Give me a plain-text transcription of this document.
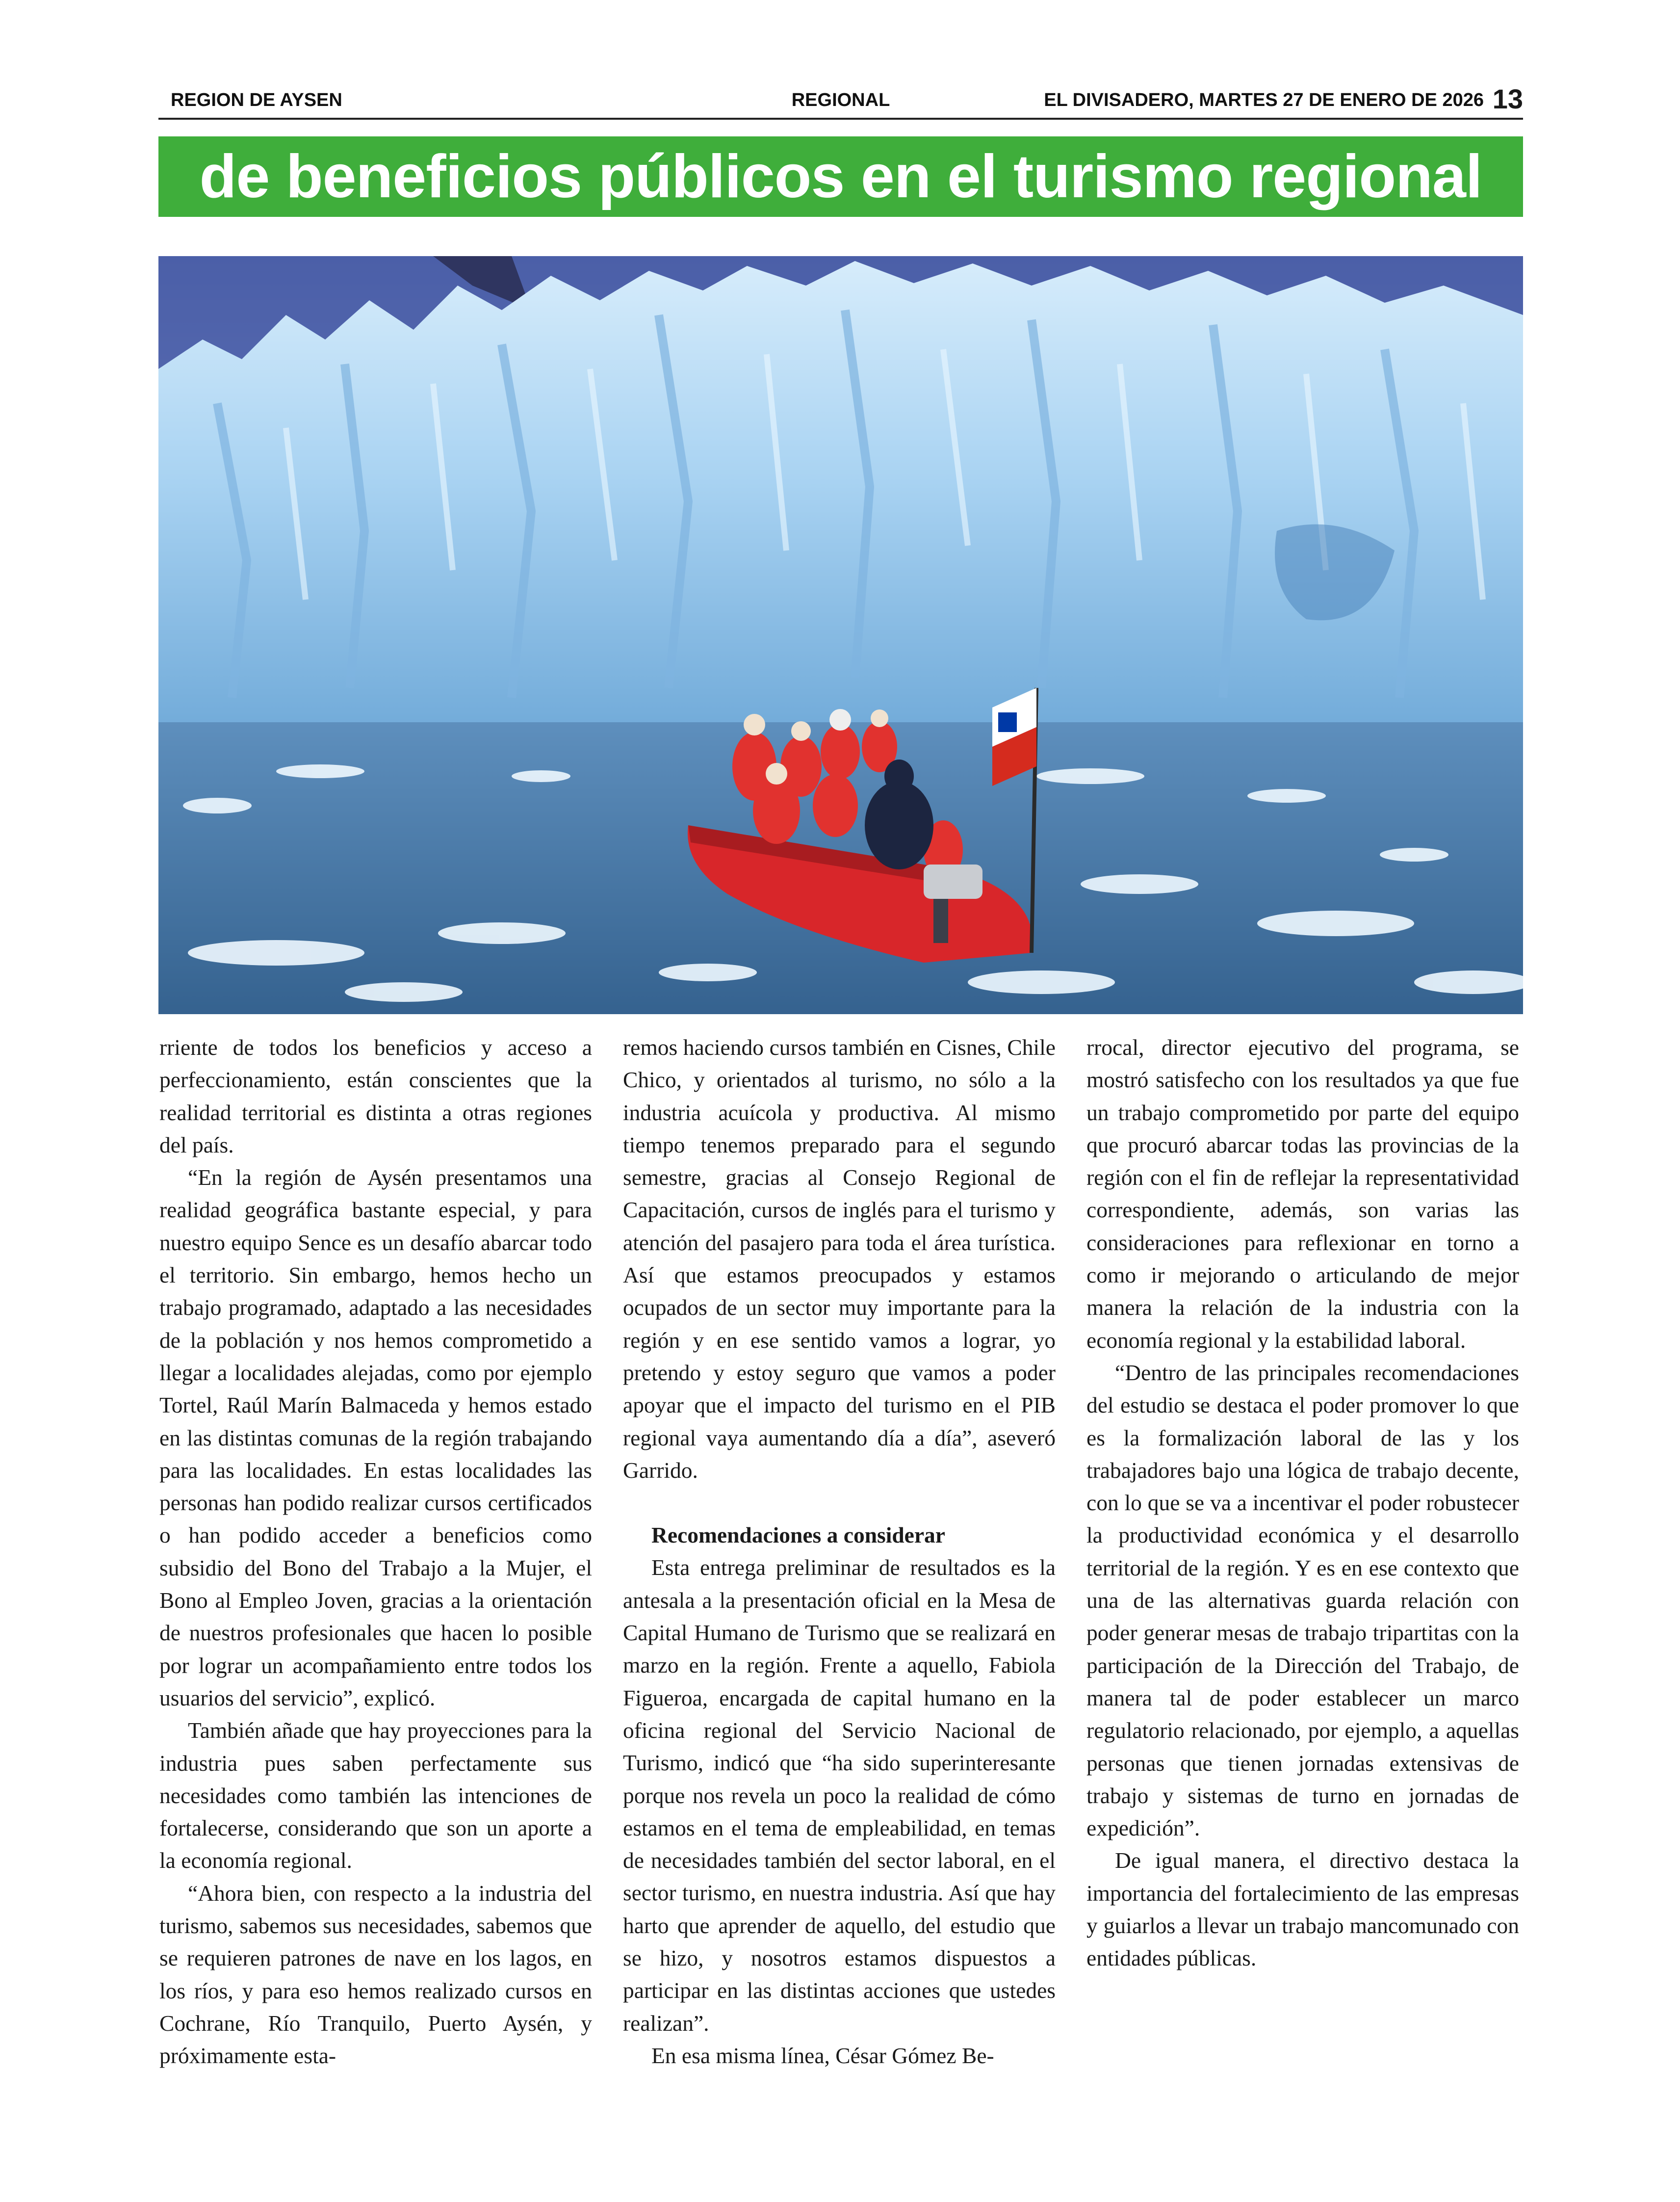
REGION DE AYSEN	REGIONAL	EL DIVISADERO, MARTES 27 DE ENERO DE 2026 13
de beneficios públicos en el turismo regional

rriente de todos los beneficios y acceso a perfeccionamiento, están conscientes que la realidad territorial es distinta a otras regiones del país.

“En la región de Aysén presentamos una realidad geográfica bastante especial, y para nuestro equipo Sence es un desafío abarcar todo el territorio. Sin embargo, hemos hecho un trabajo programado, adaptado a las necesidades de la población y nos hemos comprometido a llegar a localidades alejadas, como por ejemplo Tortel, Raúl Marín Balmaceda y hemos estado en las distintas comunas de la región trabajando para las localidades. En estas localidades las personas han podido realizar cursos certificados o han podido acceder a beneficios como subsidio del Bono del Trabajo a la Mujer, el Bono al Empleo Joven, gracias a la orientación de nuestros profesionales que hacen lo posible por lograr un acompañamiento entre todos los usuarios del servicio”, explicó.

También añade que hay proyecciones para la industria pues saben perfectamente sus necesidades como también las intenciones de fortalecerse, considerando que son un aporte a la economía regional.

“Ahora bien, con respecto a la industria del turismo, sabemos sus necesidades, sabemos que se requieren patrones de nave en los lagos, en los ríos, y para eso hemos realizado cursos en Cochrane, Río Tranquilo, Puerto Aysén, y próximamente esta-

remos haciendo cursos también en Cisnes, Chile Chico, y orientados al turismo, no sólo a la industria acuícola y productiva. Al mismo tiempo tenemos preparado para el segundo semestre, gracias al Consejo Regional de Capacitación, cursos de inglés para el turismo y atención del pasajero para toda el área turística. Así que estamos preocupados y estamos ocupados de un sector muy importante para la región y en ese sentido vamos a lograr, yo pretendo y estoy seguro que vamos a poder apoyar que el impacto del turismo en el PIB regional vaya aumentando día a día”, aseveró Garrido.

Recomendaciones a considerar

Esta entrega preliminar de resultados es la antesala a la presentación oficial en la Mesa de Capital Humano de Turismo que se realizará en marzo en la región. Frente a aquello, Fabiola Figueroa, encargada de capital humano en la oficina regional del Servicio Nacional de Turismo, indicó que “ha sido superinteresante porque nos revela un poco la realidad de cómo estamos en el tema de empleabilidad, en temas de necesidades también del sector laboral, en el sector turismo, en nuestra industria. Así que hay harto que aprender de aquello, del estudio que se hizo, y nosotros estamos dispuestos a participar en las distintas acciones que ustedes realizan”.

En esa misma línea, César Gómez Be-

rrocal, director ejecutivo del programa, se mostró satisfecho con los resultados ya que fue un trabajo comprometido por parte del equipo que procuró abarcar todas las provincias de la región con el fin de reflejar la representatividad correspondiente, además, son varias las consideraciones para reflexionar en torno a como ir mejorando o articulando de mejor manera la relación de la industria con la economía regional y la estabilidad laboral.

“Dentro de las principales recomendaciones del estudio se destaca el poder promover lo que es la formalización laboral de las y los trabajadores bajo una lógica de trabajo decente, con lo que se va a incentivar el poder robustecer la productividad económica y el desarrollo territorial de la región. Y es en ese contexto que una de las alternativas guarda relación con poder generar mesas de trabajo tripartitas con la participación de la Dirección del Trabajo, de manera tal de poder establecer un marco regulatorio relacionado, por ejemplo, a aquellas personas que tienen jornadas extensivas de trabajo y sistemas de turno en jornadas de expedición”.

De igual manera, el directivo destaca la importancia del fortalecimiento de las empresas y guiarlos a llevar un trabajo mancomunado con entidades públicas.
